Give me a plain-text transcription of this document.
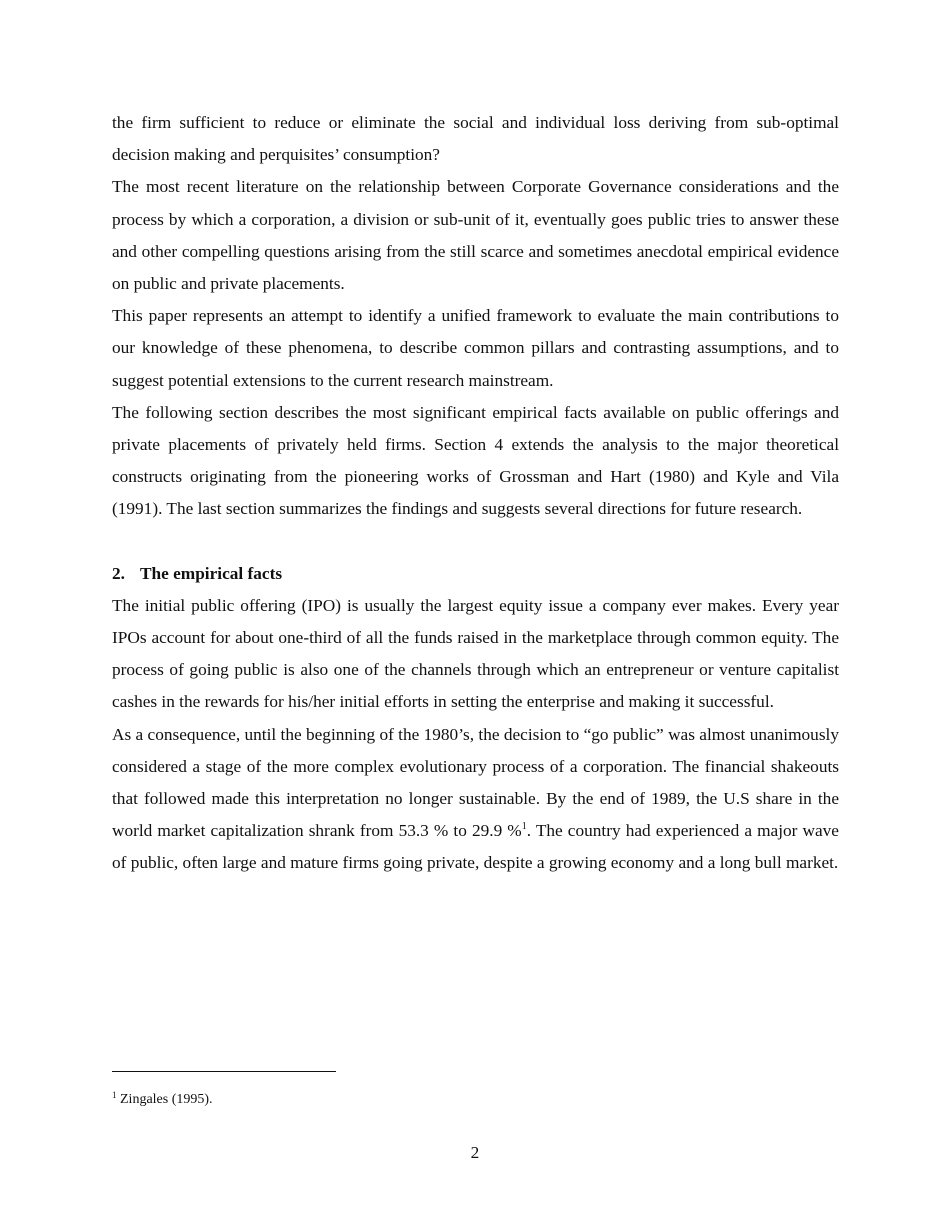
the firm sufficient to reduce or eliminate the social and individual loss deriving from sub-optimal decision making and perquisites’ consumption?

The most recent literature on the relationship between Corporate Governance considerations and the process by which a corporation, a division or sub-unit of it, eventually goes public tries to answer these and other compelling questions arising from the still scarce and sometimes anecdotal empirical evidence on public and private placements.

This paper represents an attempt to identify a unified framework to evaluate the main contributions to our knowledge of these phenomena, to describe common pillars and contrasting assumptions, and to suggest potential extensions to the current research mainstream.

The following section describes the most significant empirical facts available on public offerings and private placements of privately held firms. Section 4 extends the analysis to the major theoretical constructs originating from the pioneering works of Grossman and Hart (1980) and Kyle and Vila (1991). The last section summarizes the findings and suggests several directions for future research.

2. The empirical facts

The initial public offering (IPO) is usually the largest equity issue a company ever makes. Every year IPOs account for about one-third of all the funds raised in the marketplace through common equity. The process of going public is also one of the channels through which an entrepreneur or venture capitalist cashes in the rewards for his/her initial efforts in setting the enterprise and making it successful.

As a consequence, until the beginning of the 1980’s, the decision to “go public” was almost unanimously considered a stage of the more complex evolutionary process of a corporation. The financial shakeouts that followed made this interpretation no longer sustainable. By the end of 1989, the U.S share in the world market capitalization shrank from 53.3 % to 29.9 %$^1$. The country had experienced a major wave of public, often large and mature firms going private, despite a growing economy and a long bull market.

$^1$ Zingales (1995).
2
